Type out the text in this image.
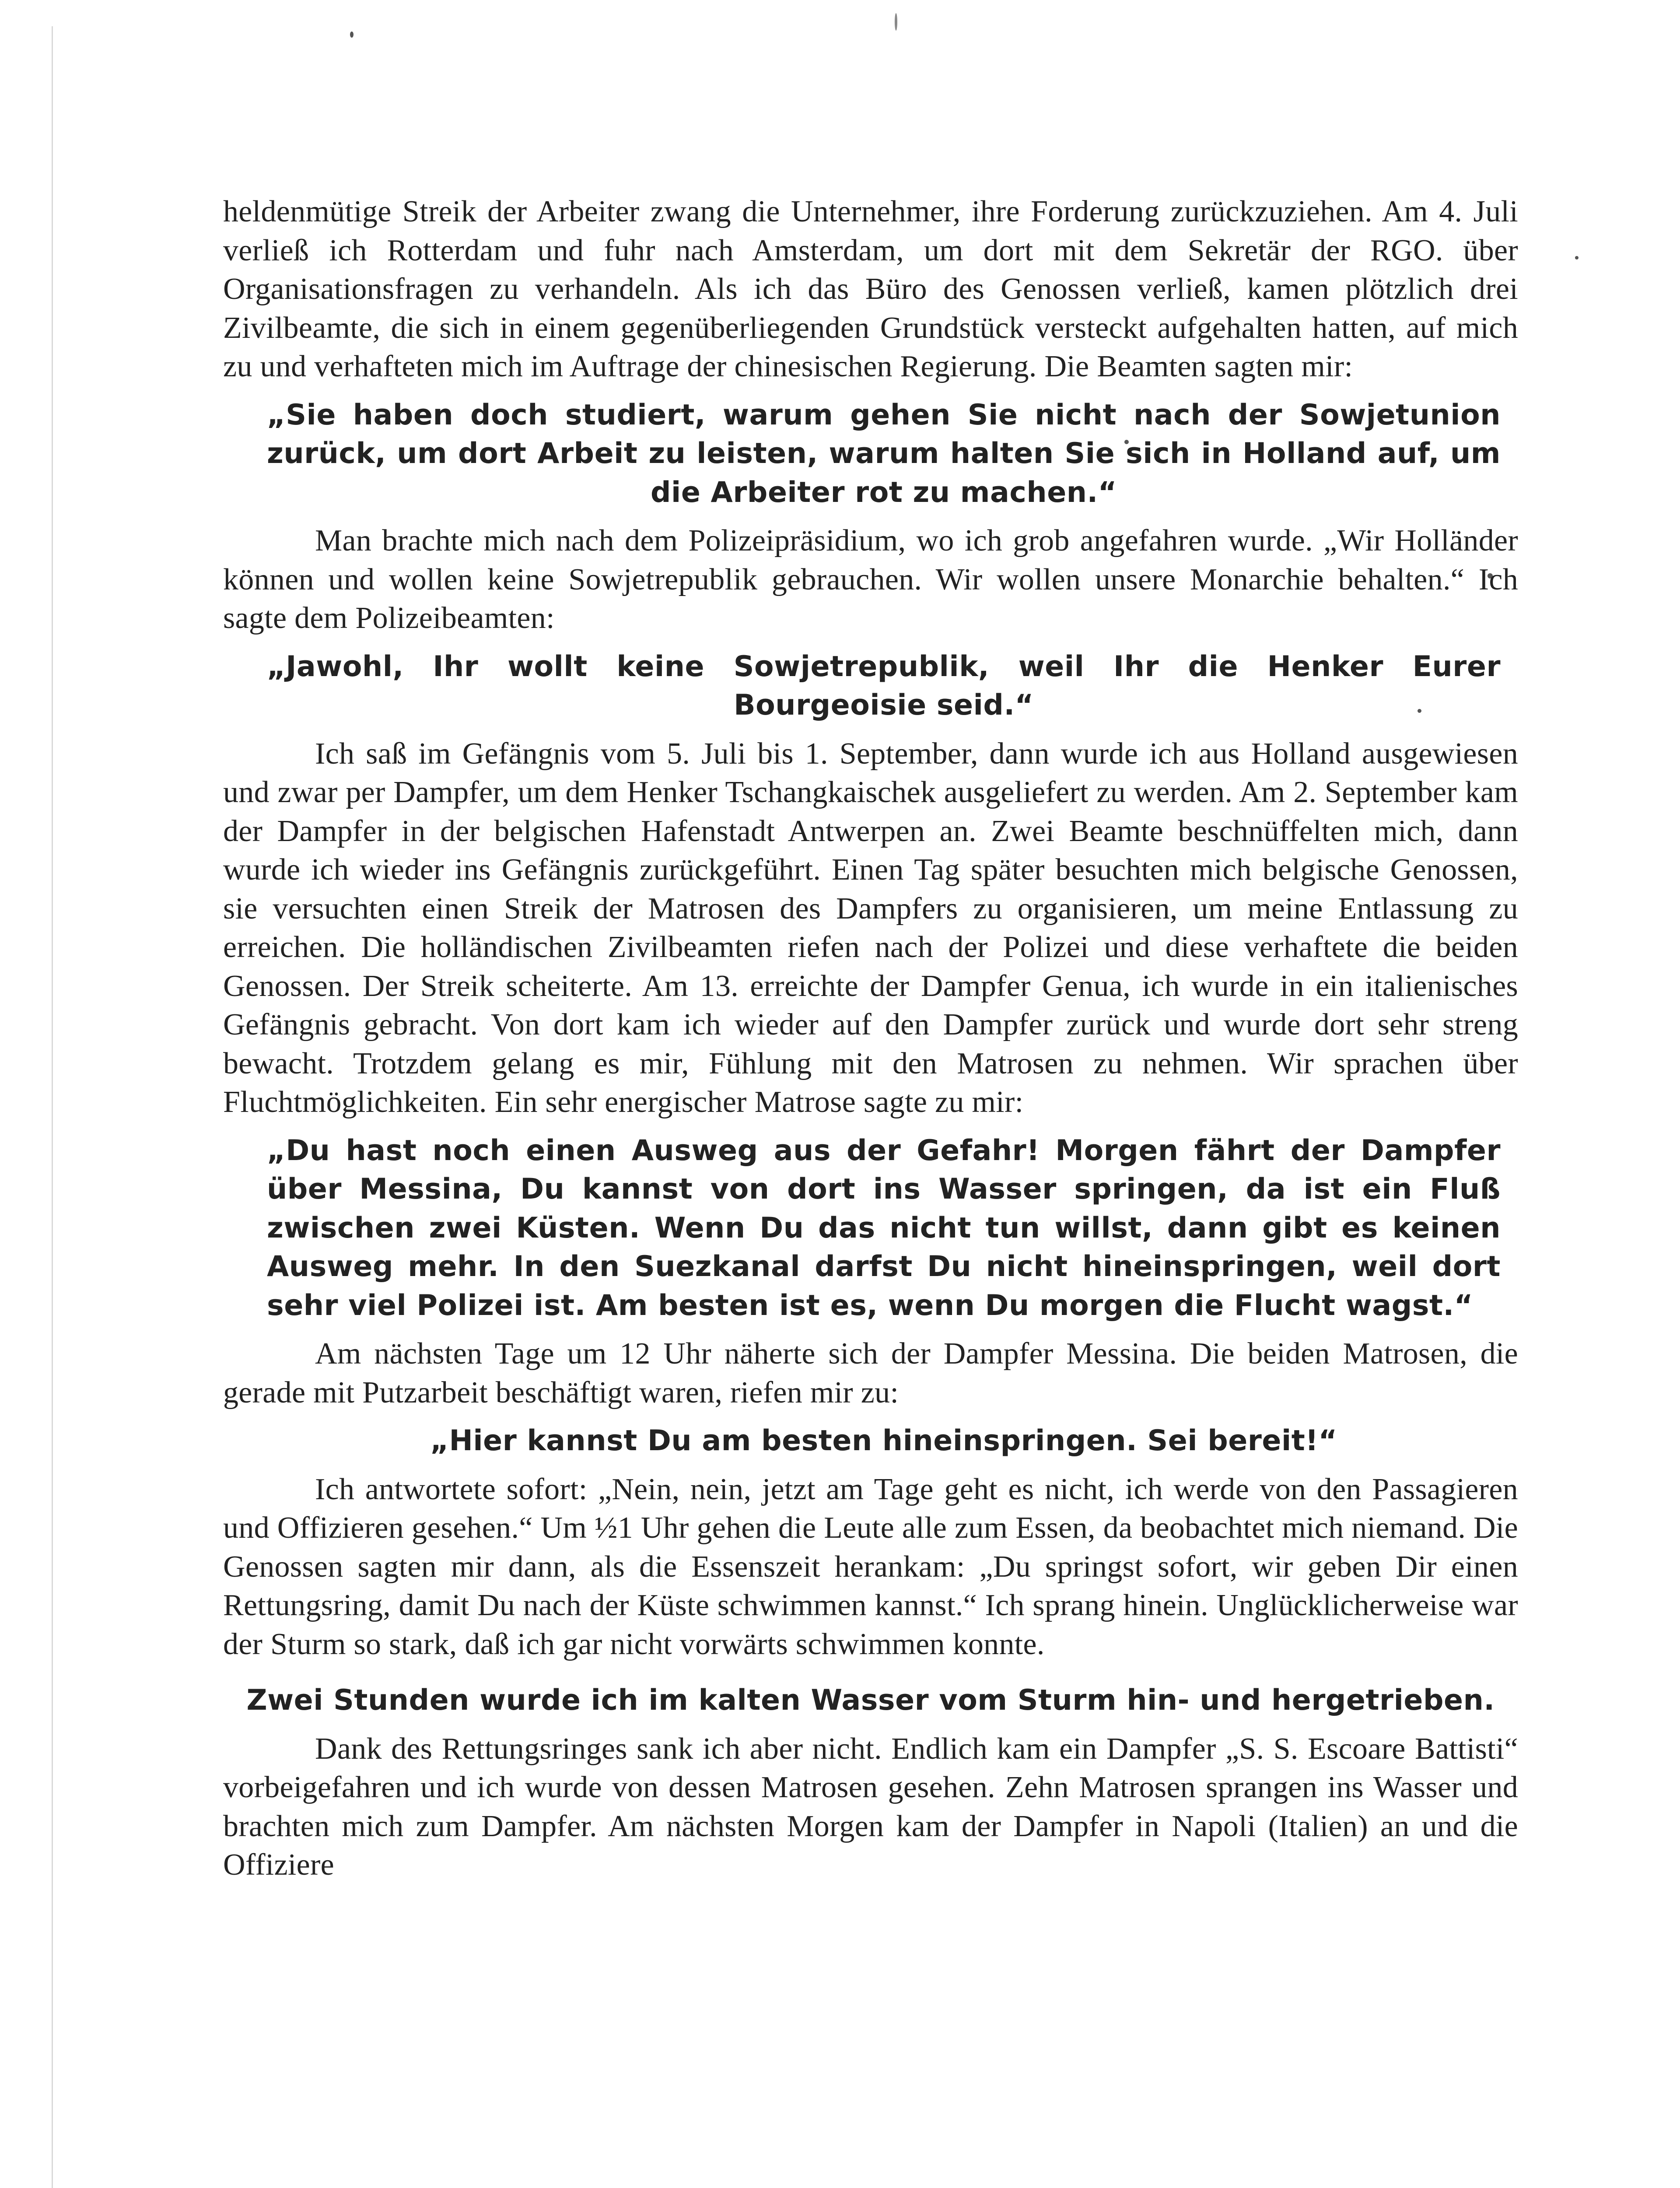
heldenmütige Streik der Arbeiter zwang die Unternehmer, ihre Forderung zurückzuziehen. Am 4. Juli verließ ich Rotterdam und fuhr nach Amsterdam, um dort mit dem Sekretär der RGO. über Organisationsfragen zu verhandeln. Als ich das Büro des Genossen verließ, kamen plötzlich drei Zivilbeamte, die sich in einem gegenüberliegenden Grundstück versteckt aufgehalten hatten, auf mich zu und verhafteten mich im Auftrage der chinesischen Regierung. Die Beamten sagten mir:

„Sie haben doch studiert, warum gehen Sie nicht nach der Sowjetunion zurück, um dort Arbeit zu leisten, warum halten Sie sich in Holland auf, um die Arbeiter rot zu machen.“

Man brachte mich nach dem Polizeipräsidium, wo ich grob angefahren wurde. „Wir Holländer können und wollen keine Sowjetrepublik gebrauchen. Wir wollen unsere Monarchie behalten.“ Ich sagte dem Polizeibeamten:

„Jawohl, Ihr wollt keine Sowjetrepublik, weil Ihr die Henker Eurer Bourgeoisie seid.“

Ich saß im Gefängnis vom 5. Juli bis 1. September, dann wurde ich aus Holland ausgewiesen und zwar per Dampfer, um dem Henker Tschangkaischek ausgeliefert zu werden. Am 2. September kam der Dampfer in der belgischen Hafenstadt Antwerpen an. Zwei Beamte beschnüffelten mich, dann wurde ich wieder ins Gefängnis zurückgeführt. Einen Tag später besuchten mich belgische Genossen, sie versuchten einen Streik der Matrosen des Dampfers zu organisieren, um meine Entlassung zu erreichen. Die holländischen Zivilbeamten riefen nach der Polizei und diese verhaftete die beiden Genossen. Der Streik scheiterte. Am 13. erreichte der Dampfer Genua, ich wurde in ein italienisches Gefängnis gebracht. Von dort kam ich wieder auf den Dampfer zurück und wurde dort sehr streng bewacht. Trotzdem gelang es mir, Fühlung mit den Matrosen zu nehmen. Wir sprachen über Fluchtmöglichkeiten. Ein sehr energischer Matrose sagte zu mir:

„Du hast noch einen Ausweg aus der Gefahr! Morgen fährt der Dampfer über Messina, Du kannst von dort ins Wasser springen, da ist ein Fluß zwischen zwei Küsten. Wenn Du das nicht tun willst, dann gibt es keinen Ausweg mehr. In den Suezkanal darfst Du nicht hineinspringen, weil dort sehr viel Polizei ist. Am besten ist es, wenn Du morgen die Flucht wagst.“

Am nächsten Tage um 12 Uhr näherte sich der Dampfer Messina. Die beiden Matrosen, die gerade mit Putzarbeit beschäftigt waren, riefen mir zu:

„Hier kannst Du am besten hineinspringen. Sei bereit!“

Ich antwortete sofort: „Nein, nein, jetzt am Tage geht es nicht, ich werde von den Passagieren und Offizieren gesehen.“ Um ½1 Uhr gehen die Leute alle zum Essen, da beobachtet mich niemand. Die Genossen sagten mir dann, als die Essenszeit herankam: „Du springst sofort, wir geben Dir einen Rettungsring, damit Du nach der Küste schwimmen kannst.“ Ich sprang hinein. Unglücklicherweise war der Sturm so stark, daß ich gar nicht vorwärts schwimmen konnte.

Zwei Stunden wurde ich im kalten Wasser vom Sturm hin- und hergetrieben.

Dank des Rettungsringes sank ich aber nicht. Endlich kam ein Dampfer „S. S. Escoare Battisti“ vorbeigefahren und ich wurde von dessen Matrosen gesehen. Zehn Matrosen sprangen ins Wasser und brachten mich zum Dampfer. Am nächsten Morgen kam der Dampfer in Napoli (Italien) an und die Offiziere
